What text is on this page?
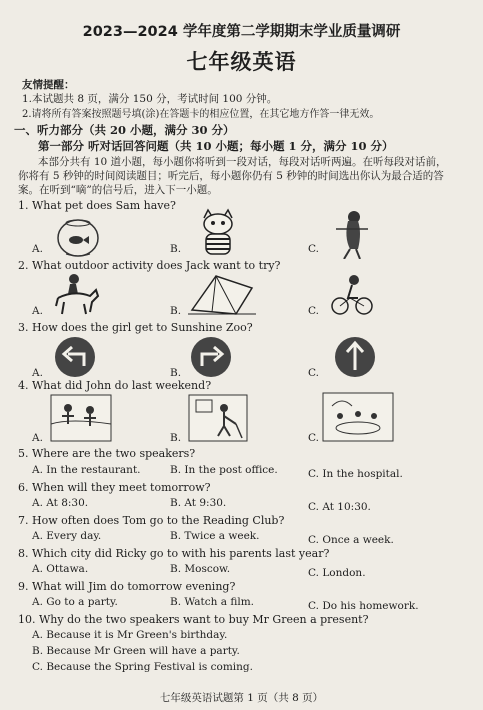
2023—2024 学年度第二学期期末学业质量调研
七年级英语
友情提醒：
1.本试题共 8 页，满分 150 分，考试时间 100 分钟。
2.请将所有答案按照题号填(涂)在答题卡的相应位置，在其它地方作答一律无效。
一、听力部分（共 20 小题，满分 30 分）
第一部分 听对话回答问题（共 10 小题；每小题 1 分，满分 10 分）
本部分共有 10 道小题，每小题你将听到一段对话，每段对话听两遍。在听每段对话前，
你将有 5 秒钟的时间阅读题目；听完后，每小题你仍有 5 秒钟的时间选出你认为最合适的答
案。在听到“嘀”的信号后，进入下一小题。
1. What pet does Sam have?
A.	B.	C.
2. What outdoor activity does Jack want to try?
A.	B.	C.
3. How does the girl get to Sunshine Zoo?
A.	B.	C.
4. What did John do last weekend?
A.	B.	C.
5. Where are the two speakers?
A. In the restaurant.	B. In the post office.	C. In the hospital.
6. When will they meet tomorrow?
A. At 8:30.	B. At 9:30.	C. At 10:30.
7. How often does Tom go to the Reading Club?
A. Every day.	B. Twice a week.	C. Once a week.
8. Which city did Ricky go to with his parents last year?
A. Ottawa.	B. Moscow.	C. London.
9. What will Jim do tomorrow evening?
A. Go to a party.	B. Watch a film.	C. Do his homework.
10. Why do the two speakers want to buy Mr Green a present?
A. Because it is Mr Green's birthday.
B. Because Mr Green will have a party.
C. Because the Spring Festival is coming.
七年级英语试题第 1 页（共 8 页）
